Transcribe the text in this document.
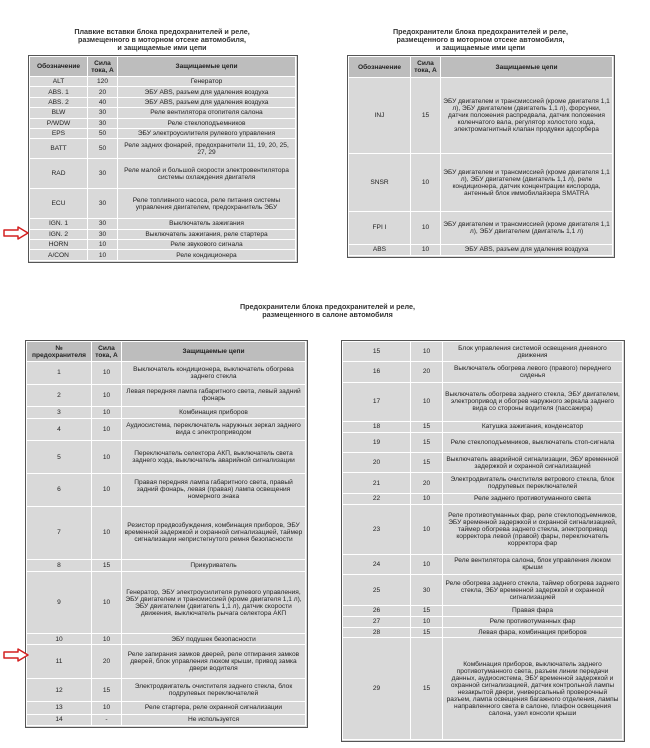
Плавкие вставки блока предохранителей и реле,
размещенного в моторном отсеке автомобиля,
и защищаемые ими цепи
Обозначение	Сила тока, А	Защищаемые цепи
ALT	120	Генератор
ABS. 1	20	ЭБУ ABS, разъем для удаления воздуха
ABS. 2	40	ЭБУ ABS, разъем для удаления воздуха
BLW	30	Реле вентилятора отопителя салона
P/WDW	30	Реле стеклоподъемников
EPS	50	ЭБУ электроусилителя рулевого управления
BATT	50	Реле задних фонарей, предохранители 11, 19, 20, 25, 27, 29
RAD	30	Реле малой и большой скорости электровентилятора системы охлаждения двигателя
ECU	30	Реле топливного насоса, реле питания системы управления двигателем, предохранитель ЭБУ
IGN. 1	30	Выключатель зажигания
IGN. 2	30	Выключатель зажигания, реле стартера
HORN	10	Реле звукового сигнала
A/CON	10	Реле кондиционера
Предохранители блока предохранителей и реле,
размещенного в моторном отсеке автомобиля,
и защищаемые ими цепи
Обозначение	Сила тока, А	Защищаемые цепи
INJ	15	ЭБУ двигателем и трансмиссией (кроме двигателя 1,1 л), ЭБУ двигателем (двигатель 1,1 л), форсунки, датчик положения распредвала, датчик положения коленчатого вала, регулятор холостого хода, электромагнитный клапан продувки адсорбера
SNSR	10	ЭБУ двигателем и трансмиссией (кроме двигателя 1,1 л), ЭБУ двигателем (двигатель 1,1 л), реле кондиционера, датчик концентрации кислорода, антенный блок иммобилайзера SMATRA
FPI I	10	ЭБУ двигателем и трансмиссией (кроме двигателя 1,1 л), ЭБУ двигателем (двигатель 1,1 л)
ABS	10	ЭБУ ABS, разъем для удаления воздуха
Предохранители блока предохранителей и реле,
размещенного в салоне автомобиля
№ предохранителя	Сила тока, А	Защищаемые цепи
1	10	Выключатель кондиционера, выключатель обогрева заднего стекла
2	10	Левая передняя лампа габаритного света, левый задний фонарь
3	10	Комбинация приборов
4	10	Аудиосистема, переключатель наружных зеркал заднего вида с электроприводом
5	10	Переключатель селектора АКП, выключатель света заднего хода, выключатель аварийной сигнализации
6	10	Правая передняя лампа габаритного света, правый задний фонарь, левая (правая) лампа освещения номерного знака
7	10	Резистор предвозбуждения, комбинация приборов, ЭБУ временной задержкой и охранной сигнализацией, таймер сигнализации непристегнутого ремня безопасности
8	15	Прикуриватель
9	10	Генератор, ЭБУ электроусилителя рулевого управления, ЭБУ двигателем и трансмиссией (кроме двигателя 1,1 л), ЭБУ двигателем (двигатель 1,1 л), датчик скорости движения, выключатель рычага селектора АКП
10	10	ЭБУ подушек безопасности
11	20	Реле запирания замков дверей, реле отпирания замков дверей, блок управления люком крыши, привод замка двери водителя
12	15	Электродвигатель очистителя заднего стекла, блок подрулевых переключателей
13	10	Реле стартера, реле охранной сигнализации
14	-	Не используется
15	10	Блок управления системой освещения дневного движения
16	20	Выключатель обогрева левого (правого) переднего сиденья
17	10	Выключатель обогрева заднего стекла, ЭБУ двигателем, электропривод и обогрев наружного зеркала заднего вида со стороны водителя (пассажира)
18	15	Катушка зажигания, конденсатор
19	15	Реле стеклоподъемников, выключатель стоп-сигнала
20	15	Выключатель аварийной сигнализации, ЭБУ временной задержкой и охранной сигнализацией
21	20	Электродвигатель очистителя ветрового стекла, блок подрулевых переключателей
22	10	Реле заднего противотуманного света
23	10	Реле противотуманных фар, реле стеклоподъемников, ЭБУ временной задержкой и охранной сигнализацией, таймер обогрева заднего стекла, электропривод корректора левой (правой) фары, переключатель корректора фар
24	10	Реле вентилятора салона, блок управления люком крыши
25	30	Реле обогрева заднего стекла, таймер обогрева заднего стекла, ЭБУ временной задержкой и охранной сигнализацией
26	15	Правая фара
27	10	Реле противотуманных фар
28	15	Левая фара, комбинация приборов
29	15	Комбинация приборов, выключатель заднего противотуманного света, разъем линии передачи данных, аудиосистема, ЭБУ временной задержкой и охранной сигнализацией, датчик контрольной лампы незакрытой двери, универсальный проверочный разъем, лампа освещения багажного отделения, лампы направленного света в салоне, плафон освещения салона, узел консоли крыши
